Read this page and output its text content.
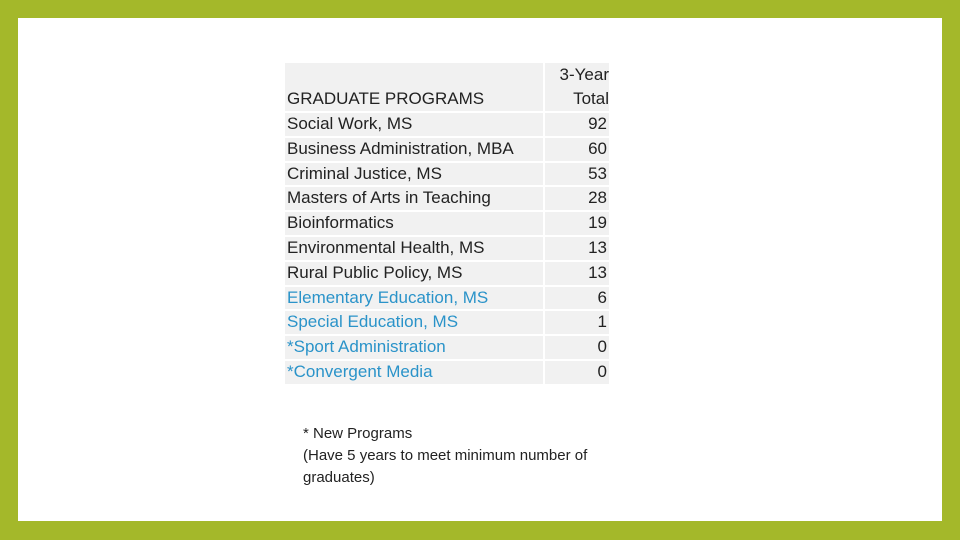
GRADUATE PROGRAMS	3-Year
Total
Social Work, MS	92
Business Administration, MBA	60
Criminal Justice, MS	53
Masters of Arts in Teaching	28
Bioinformatics	19
Environmental Health, MS	13
Rural Public Policy, MS	13
Elementary Education, MS	6
Special Education, MS	1
*Sport Administration	0
*Convergent Media	0
* New Programs
(Have 5 years to meet minimum number of graduates)
